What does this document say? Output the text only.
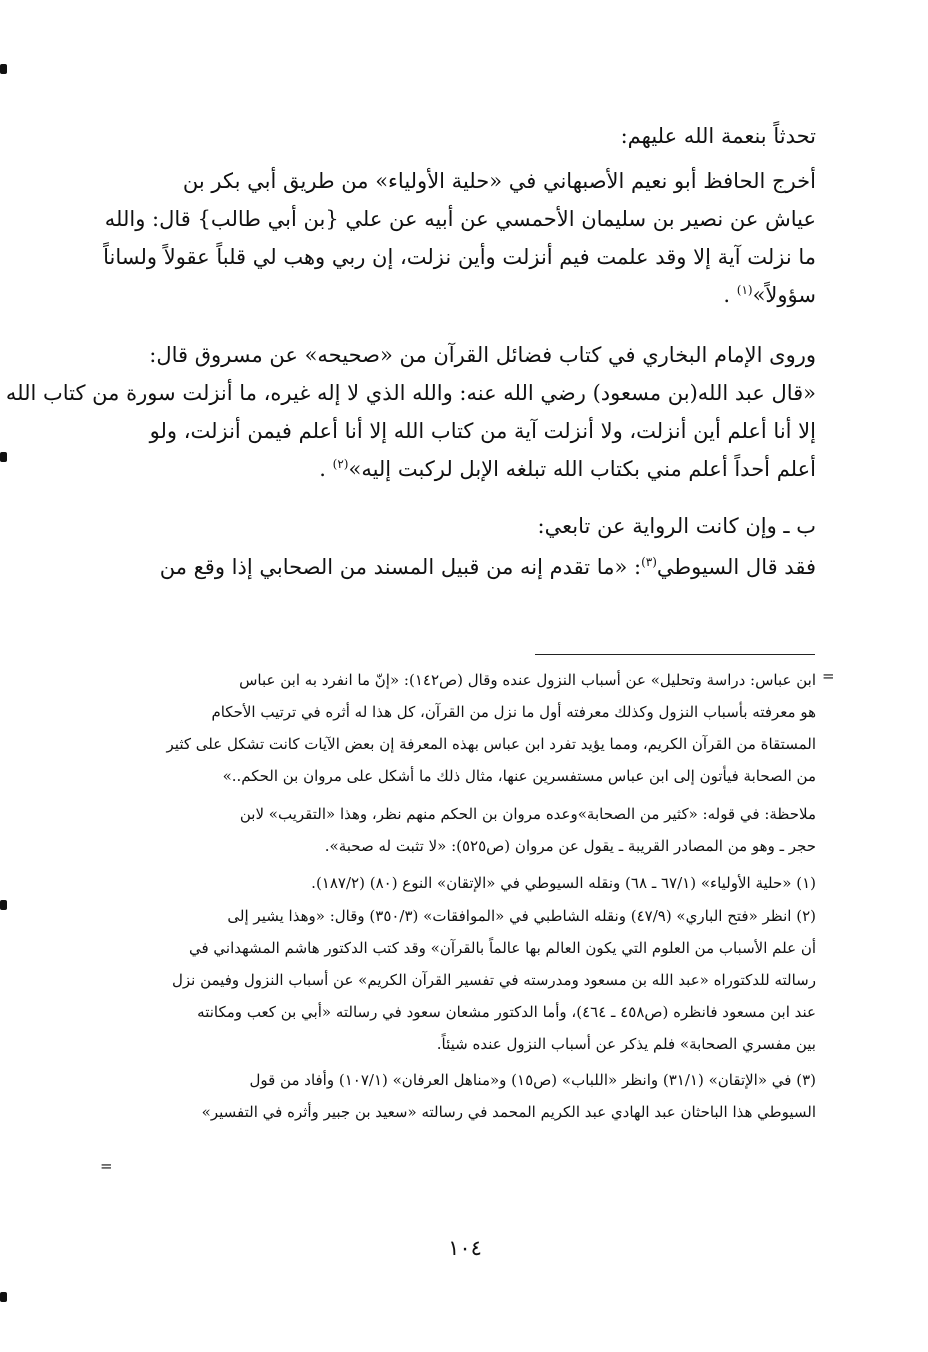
تحدثاً بنعمة الله عليهم:
أخرج الحافظ أبو نعيم الأصبهاني في «حلية الأولياء» من طريق أبي بكر بن
عياش عن نصير بن سليمان الأحمسي عن أبيه عن علي {بن أبي طالب} قال: والله
ما نزلت آية إلا وقد علمت فيم أنزلت وأين نزلت، إن ربي وهب لي قلباً عقولاً ولساناً
سؤولاً»$^{(١)}$ .
وروى الإمام البخاري في كتاب فضائل القرآن من «صحيحه» عن مسروق قال:
«قال عبد الله(بن مسعود) رضي الله عنه: والله الذي لا إله غيره، ما أنزلت سورة من كتاب الله
إلا أنا أعلم أين أنزلت، ولا أنزلت آية من كتاب الله إلا أنا أعلم فيمن أنزلت، ولو
أعلم أحداً أعلم مني بكتاب الله تبلغه الإبل لركبت إليه»$^{(٢)}$ .
ب ـ وإن كانت الرواية عن تابعي:
فقد قال السيوطي$^{(٣)}$: «ما تقدم إنه من قبيل المسند من الصحابي إذا وقع من
=
ابن عباس: دراسة وتحليل» عن أسباب النزول عنده وقال (ص١٤٢): «إنّ ما انفرد به ابن عباس
هو معرفته بأسباب النزول وكذلك معرفته أول ما نزل من القرآن، كل هذا له أثره في ترتيب الأحكام
المستقاة من القرآن الكريم، ومما يؤيد تفرد ابن عباس بهذه المعرفة إن بعض الآيات كانت تشكل على كثير
من الصحابة فيأتون إلى ابن عباس مستفسرين عنها، مثال ذلك ما أشكل على مروان بن الحكم..»
ملاحظة: في قوله: «كثير من الصحابة»وعده مروان بن الحكم منهم نظر، وهذا «التقريب» لابن
حجر ـ وهو من المصادر القريبة ـ يقول عن مروان (ص٥٢٥): «لا تثبت له صحبة».
(١) «حلية الأولياء» (٦٧/١ ـ ٦٨) ونقله السيوطي في «الإتقان» النوع (٨٠) (١٨٧/٢).
(٢) انظر «فتح الباري» (٤٧/٩) ونقله الشاطبي في «الموافقات» (٣٥٠/٣) وقال: «وهذا يشير إلى
أن علم الأسباب من العلوم التي يكون العالم بها عالماً بالقرآن» وقد كتب الدكتور هاشم المشهداني في
رسالته للدكتوراه «عبد الله بن مسعود ومدرسته في تفسير القرآن الكريم» عن أسباب النزول وفيمن نزل
عند ابن مسعود فانظره (ص٤٥٨ ـ ٤٦٤)، وأما الدكتور مشعان سعود في رسالته «أبي بن كعب ومكانته
بين مفسري الصحابة» فلم يذكر عن أسباب النزول عنده شيئاً.
(٣) في «الإتقان» (٣١/١) وانظر «اللباب» (ص١٥) و«مناهل العرفان» (١٠٧/١) وأفاد من قول
السيوطي هذا الباحثان عبد الهادي عبد الكريم المحمد في رسالته «سعيد بن جبير وأثره في التفسير»
=
١٠٤
